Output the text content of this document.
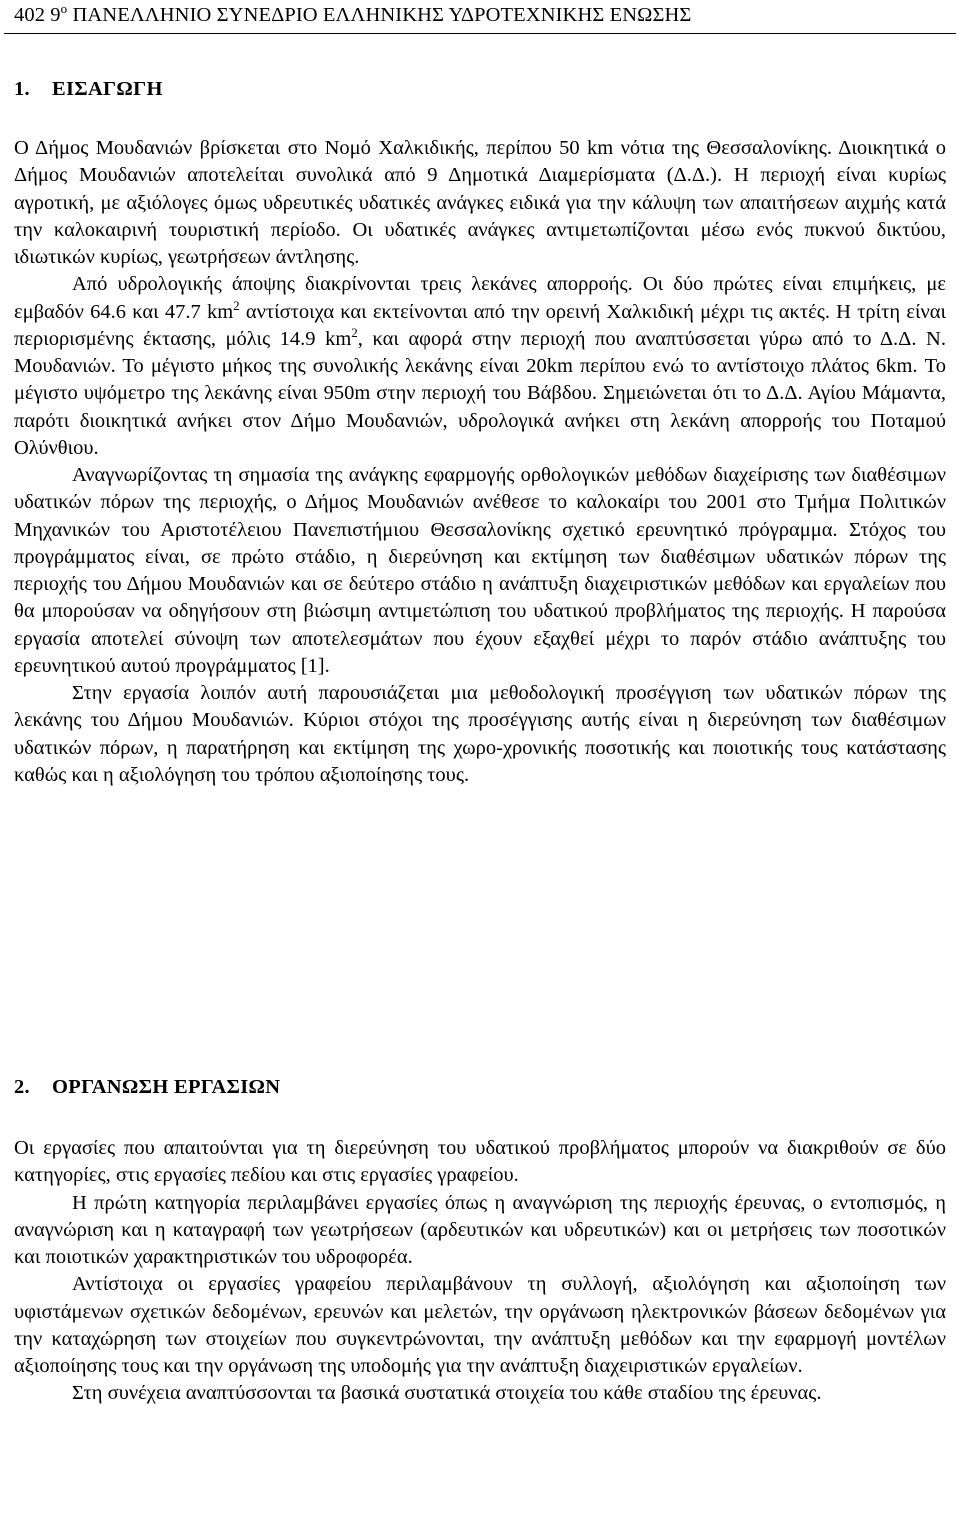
402 $9^o$ ΠΑΝΕΛΛΗΝΙΟ ΣΥΝΕΔΡΙΟ ΕΛΛΗΝΙΚΗΣ ΥΔΡΟΤΕΧΝΙΚΗΣ ΕΝΩΣΗΣ
1. ΕΙΣΑΓΩΓΗ

Ο Δήμος Μουδανιών βρίσκεται στο Νομό Χαλκιδικής, περίπου 50 km νότια της Θεσσαλονίκης. Διοικητικά ο Δήμος Μουδανιών αποτελείται συνολικά από 9 Δημοτικά Διαμερίσματα (Δ.Δ.). Η περιοχή είναι κυρίως αγροτική, με αξιόλογες όμως υδρευτικές υδατικές ανάγκες ειδικά για την κάλυψη των απαιτήσεων αιχμής κατά την καλοκαιρινή τουριστική περίοδο. Οι υδατικές ανάγκες αντιμετωπίζονται μέσω ενός πυκνού δικτύου, ιδιωτικών κυρίως, γεωτρήσεων άντλησης.

Από υδρολογικής άποψης διακρίνονται τρεις λεκάνες απορροής. Οι δύο πρώτες είναι επιμήκεις, με εμβαδόν 64.6 και 47.7 $km^2$ αντίστοιχα και εκτείνονται από την ορεινή Χαλκιδική μέχρι τις ακτές. Η τρίτη είναι περιορισμένης έκτασης, μόλις 14.9 $km^2$, και αφορά στην περιοχή που αναπτύσσεται γύρω από το Δ.Δ. Ν. Μουδανιών. Το μέγιστο μήκος της συνολικής λεκάνης είναι 20km περίπου ενώ το αντίστοιχο πλάτος 6km. Το μέγιστο υψόμετρο της λεκάνης είναι 950m στην περιοχή του Βάβδου. Σημειώνεται ότι το Δ.Δ. Αγίου Μάμαντα, παρότι διοικητικά ανήκει στον Δήμο Μουδανιών, υδρολογικά ανήκει στη λεκάνη απορροής του Ποταμού Ολύνθιου.

Αναγνωρίζοντας τη σημασία της ανάγκης εφαρμογής ορθολογικών μεθόδων διαχείρισης των διαθέσιμων υδατικών πόρων της περιοχής, ο Δήμος Μουδανιών ανέθεσε το καλοκαίρι του 2001 στο Τμήμα Πολιτικών Μηχανικών του Αριστοτέλειου Πανεπιστήμιου Θεσσαλονίκης σχετικό ερευνητικό πρόγραμμα. Στόχος του προγράμματος είναι, σε πρώτο στάδιο, η διερεύνηση και εκτίμηση των διαθέσιμων υδατικών πόρων της περιοχής του Δήμου Μουδανιών και σε δεύτερο στάδιο η ανάπτυξη διαχειριστικών μεθόδων και εργαλείων που θα μπορούσαν να οδηγήσουν στη βιώσιμη αντιμετώπιση του υδατικού προβλήματος της περιοχής. Η παρούσα εργασία αποτελεί σύνοψη των αποτελεσμάτων που έχουν εξαχθεί μέχρι το παρόν στάδιο ανάπτυξης του ερευνητικού αυτού προγράμματος [1].

Στην εργασία λοιπόν αυτή παρουσιάζεται μια μεθοδολογική προσέγγιση των υδατικών πόρων της λεκάνης του Δήμου Μουδανιών. Κύριοι στόχοι της προσέγγισης αυτής είναι η διερεύνηση των διαθέσιμων υδατικών πόρων, η παρατήρηση και εκτίμηση της χωρο-χρονικής ποσοτικής και ποιοτικής τους κατάστασης καθώς και η αξιολόγηση του τρόπου αξιοποίησης τους.

2. ΟΡΓΑΝΩΣΗ ΕΡΓΑΣΙΩΝ

Οι εργασίες που απαιτούνται για τη διερεύνηση του υδατικού προβλήματος μπορούν να διακριθούν σε δύο κατηγορίες, στις εργασίες πεδίου και στις εργασίες γραφείου.

Η πρώτη κατηγορία περιλαμβάνει εργασίες όπως η αναγνώριση της περιοχής έρευνας, ο εντοπισμός, η αναγνώριση και η καταγραφή των γεωτρήσεων (αρδευτικών και υδρευτικών) και οι μετρήσεις των ποσοτικών και ποιοτικών χαρακτηριστικών του υδροφορέα.

Αντίστοιχα οι εργασίες γραφείου περιλαμβάνουν τη συλλογή, αξιολόγηση και αξιοποίηση των υφιστάμενων σχετικών δεδομένων, ερευνών και μελετών, την οργάνωση ηλεκτρονικών βάσεων δεδομένων για την καταχώρηση των στοιχείων που συγκεντρώνονται, την ανάπτυξη μεθόδων και την εφαρμογή μοντέλων αξιοποίησης τους και την οργάνωση της υποδομής για την ανάπτυξη διαχειριστικών εργαλείων.

Στη συνέχεια αναπτύσσονται τα βασικά συστατικά στοιχεία του κάθε σταδίου της έρευνας.
